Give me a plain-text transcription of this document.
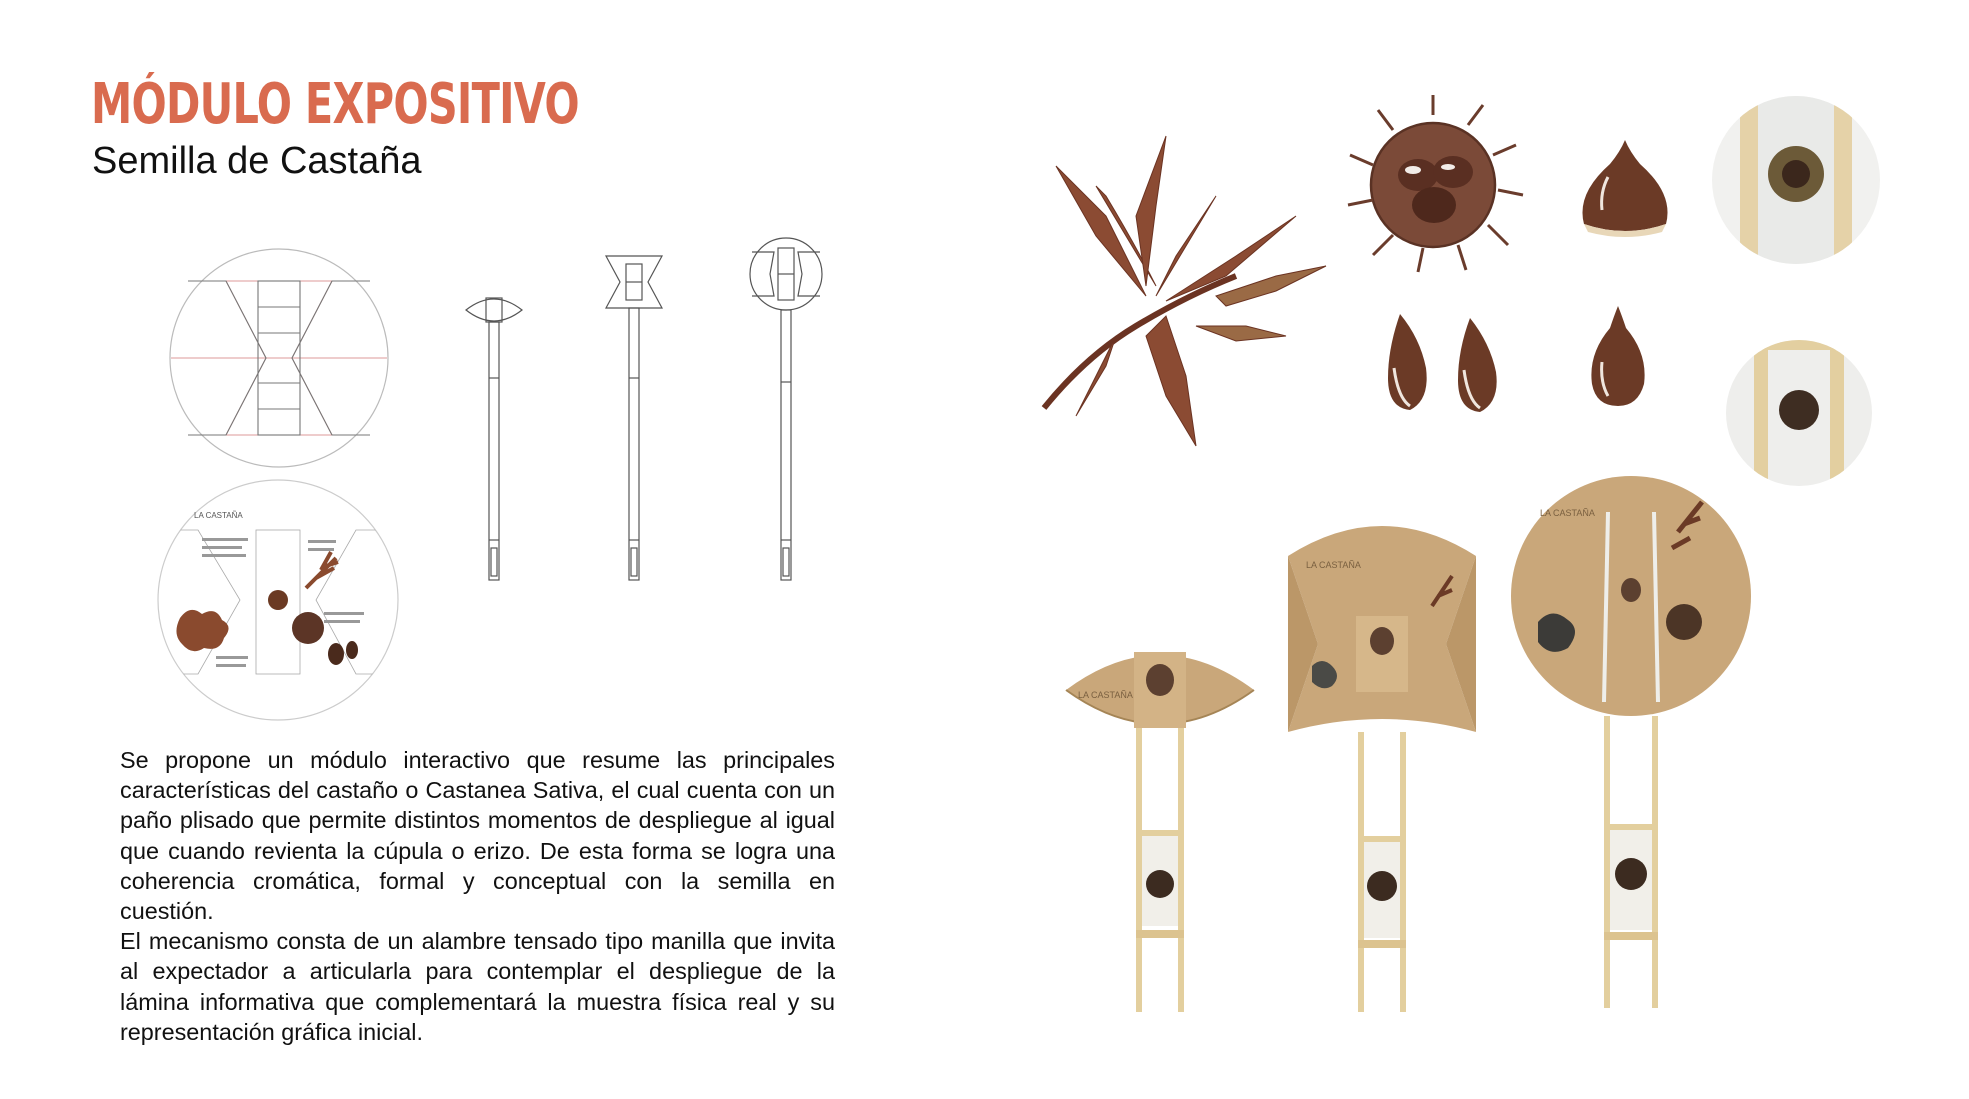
MÓDULO EXPOSITIVO
Semilla de Castaña
LA CASTAÑA

Se propone un módulo interactivo que resume las principales características del castaño o Castanea Sativa, el cual cuenta con un paño plisado que permite distintos momentos de despliegue al igual que cuando revienta la cúpula o erizo. De esta forma se logra una coherencia cromática, formal y conceptual con la semilla en cuestión.

El mecanismo consta de un alambre tensado tipo manilla que invita al expectador a articularla para contemplar el despliegue de la lámina informativa que complementará la muestra física real y su representación gráfica inicial.

LA CASTAÑA
LA CASTAÑA
LA CASTAÑA
